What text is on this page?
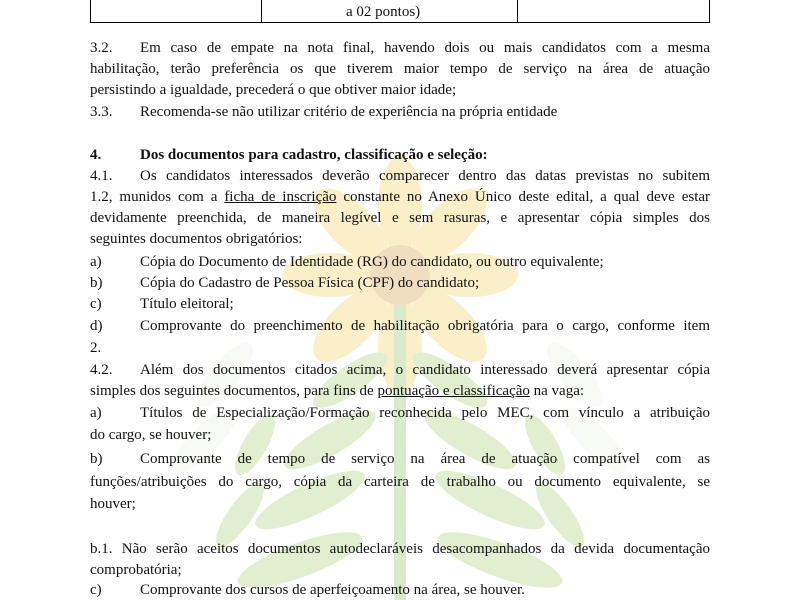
a 02 pontos)
3.2. Em caso de empate na nota final, havendo dois ou mais candidatos com a mesma
habilitação, terão preferência os que tiverem maior tempo de serviço na área de atuação
persistindo a igualdade, precederá o que obtiver maior idade;
3.3. Recomenda-se não utilizar critério de experiência na própria entidade
4.	Dos documentos para cadastro, classificação e seleção:
4.1. Os candidatos interessados deverão comparecer dentro das datas previstas no subitem
1.2, munidos com a ficha de inscrição constante no Anexo Único deste edital, a qual deve estar
devidamente preenchida, de maneira legível e sem rasuras, e apresentar cópia simples dos
seguintes documentos obrigatórios:
a)	Cópia do Documento de Identidade (RG) do candidato, ou outro equivalente;
b)	Cópia do Cadastro de Pessoa Física (CPF) do candidato;
c)	Título eleitoral;
d)	Comprovante do preenchimento de habilitação obrigatória para o cargo, conforme item
2.
4.2. Além dos documentos citados acima, o candidato interessado deverá apresentar cópia
simples dos seguintes documentos, para fins de pontuação e classificação na vaga:
a)	Títulos de Especialização/Formação reconhecida pelo MEC, com vínculo a atribuição
do cargo, se houver;
b)	Comprovante de tempo de serviço na área de atuação compatível com as
funções/atribuições do cargo, cópia da carteira de trabalho ou documento equivalente, se
houver;
b.1. Não serão aceitos documentos autodeclaráveis desacompanhados da devida documentação
comprobatória;
c)	Comprovante dos cursos de aperfeiçoamento na área, se houver.
